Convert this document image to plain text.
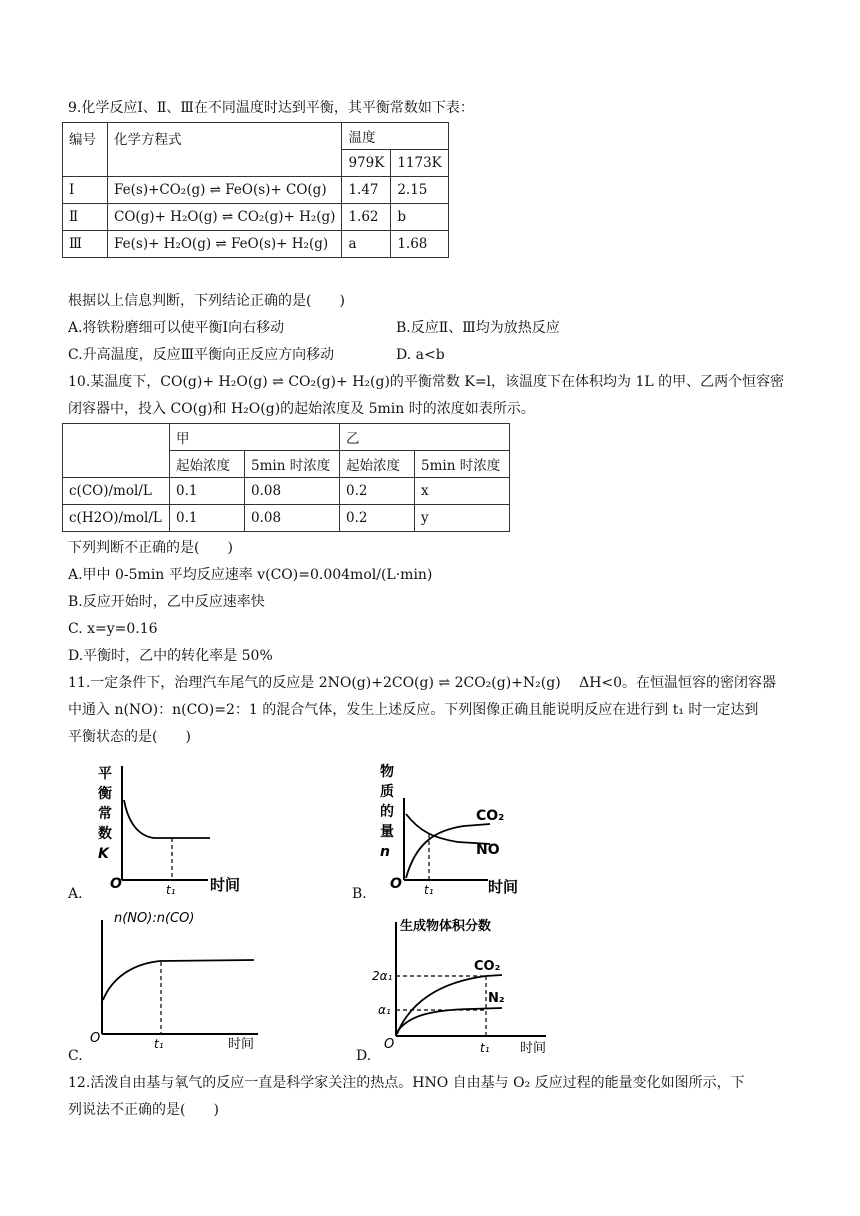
9.化学反应Ⅰ、Ⅱ、Ⅲ在不同温度时达到平衡，其平衡常数如下表：
编号	化学方程式	温度	
		979K	1173K
Ⅰ	Fe(s)+CO₂(g) ⇌ FeO(s)+ CO(g)	1.47	2.15
Ⅱ	CO(g)+ H₂O(g) ⇌ CO₂(g)+ H₂(g)	1.62	b
Ⅲ	Fe(s)+ H₂O(g) ⇌ FeO(s)+ H₂(g)	a	1.68
根据以上信息判断，下列结论正确的是(　　)
A.将铁粉磨细可以使平衡Ⅰ向右移动	B.反应Ⅱ、Ⅲ均为放热反应
C.升高温度，反应Ⅲ平衡向正反应方向移动	D. a<b
10.某温度下，CO(g)+ H₂O(g) ⇌ CO₂(g)+ H₂(g)的平衡常数 K=l，该温度下在体积均为 1L 的甲、乙两个恒容密
闭容器中，投入 CO(g)和 H₂O(g)的起始浓度及 5min 时的浓度如表所示。
	甲		乙	
	起始浓度	5min 时浓度	起始浓度	5min 时浓度
c(CO)/mol/L	0.1	0.08	0.2	x
c(H2O)/mol/L	0.1	0.08	0.2	y
下列判断不正确的是(　　)
A.甲中 0-5min 平均反应速率 v(CO)=0.004mol/(L·min)
B.反应开始时，乙中反应速率快
C. x=y=0.16
D.平衡时，乙中的转化率是 50%
11.一定条件下，治理汽车尾气的反应是 2NO(g)+2CO(g) ⇌ 2CO₂(g)+N₂(g)　 ΔH<0。在恒温恒容的密闭容器
中通入 n(NO)：n(CO)=2：1 的混合气体，发生上述反应。下列图像正确且能说明反应在进行到 t₁ 时一定达到
平衡状态的是(　　)
平
衡
常
数
K
O	t₁ 时间
A.
物
质
的
量
n
CO₂
NO
O t₁	时间
B.
n(NO):n(CO)
O	t₁	时间
C.
生成物体积分数
2α₁
α₁
CO₂
N₂
O	t₁ 时间
D.
12.活泼自由基与氧气的反应一直是科学家关注的热点。HNO 自由基与 O₂ 反应过程的能量变化如图所示，下
列说法不正确的是(　　)
